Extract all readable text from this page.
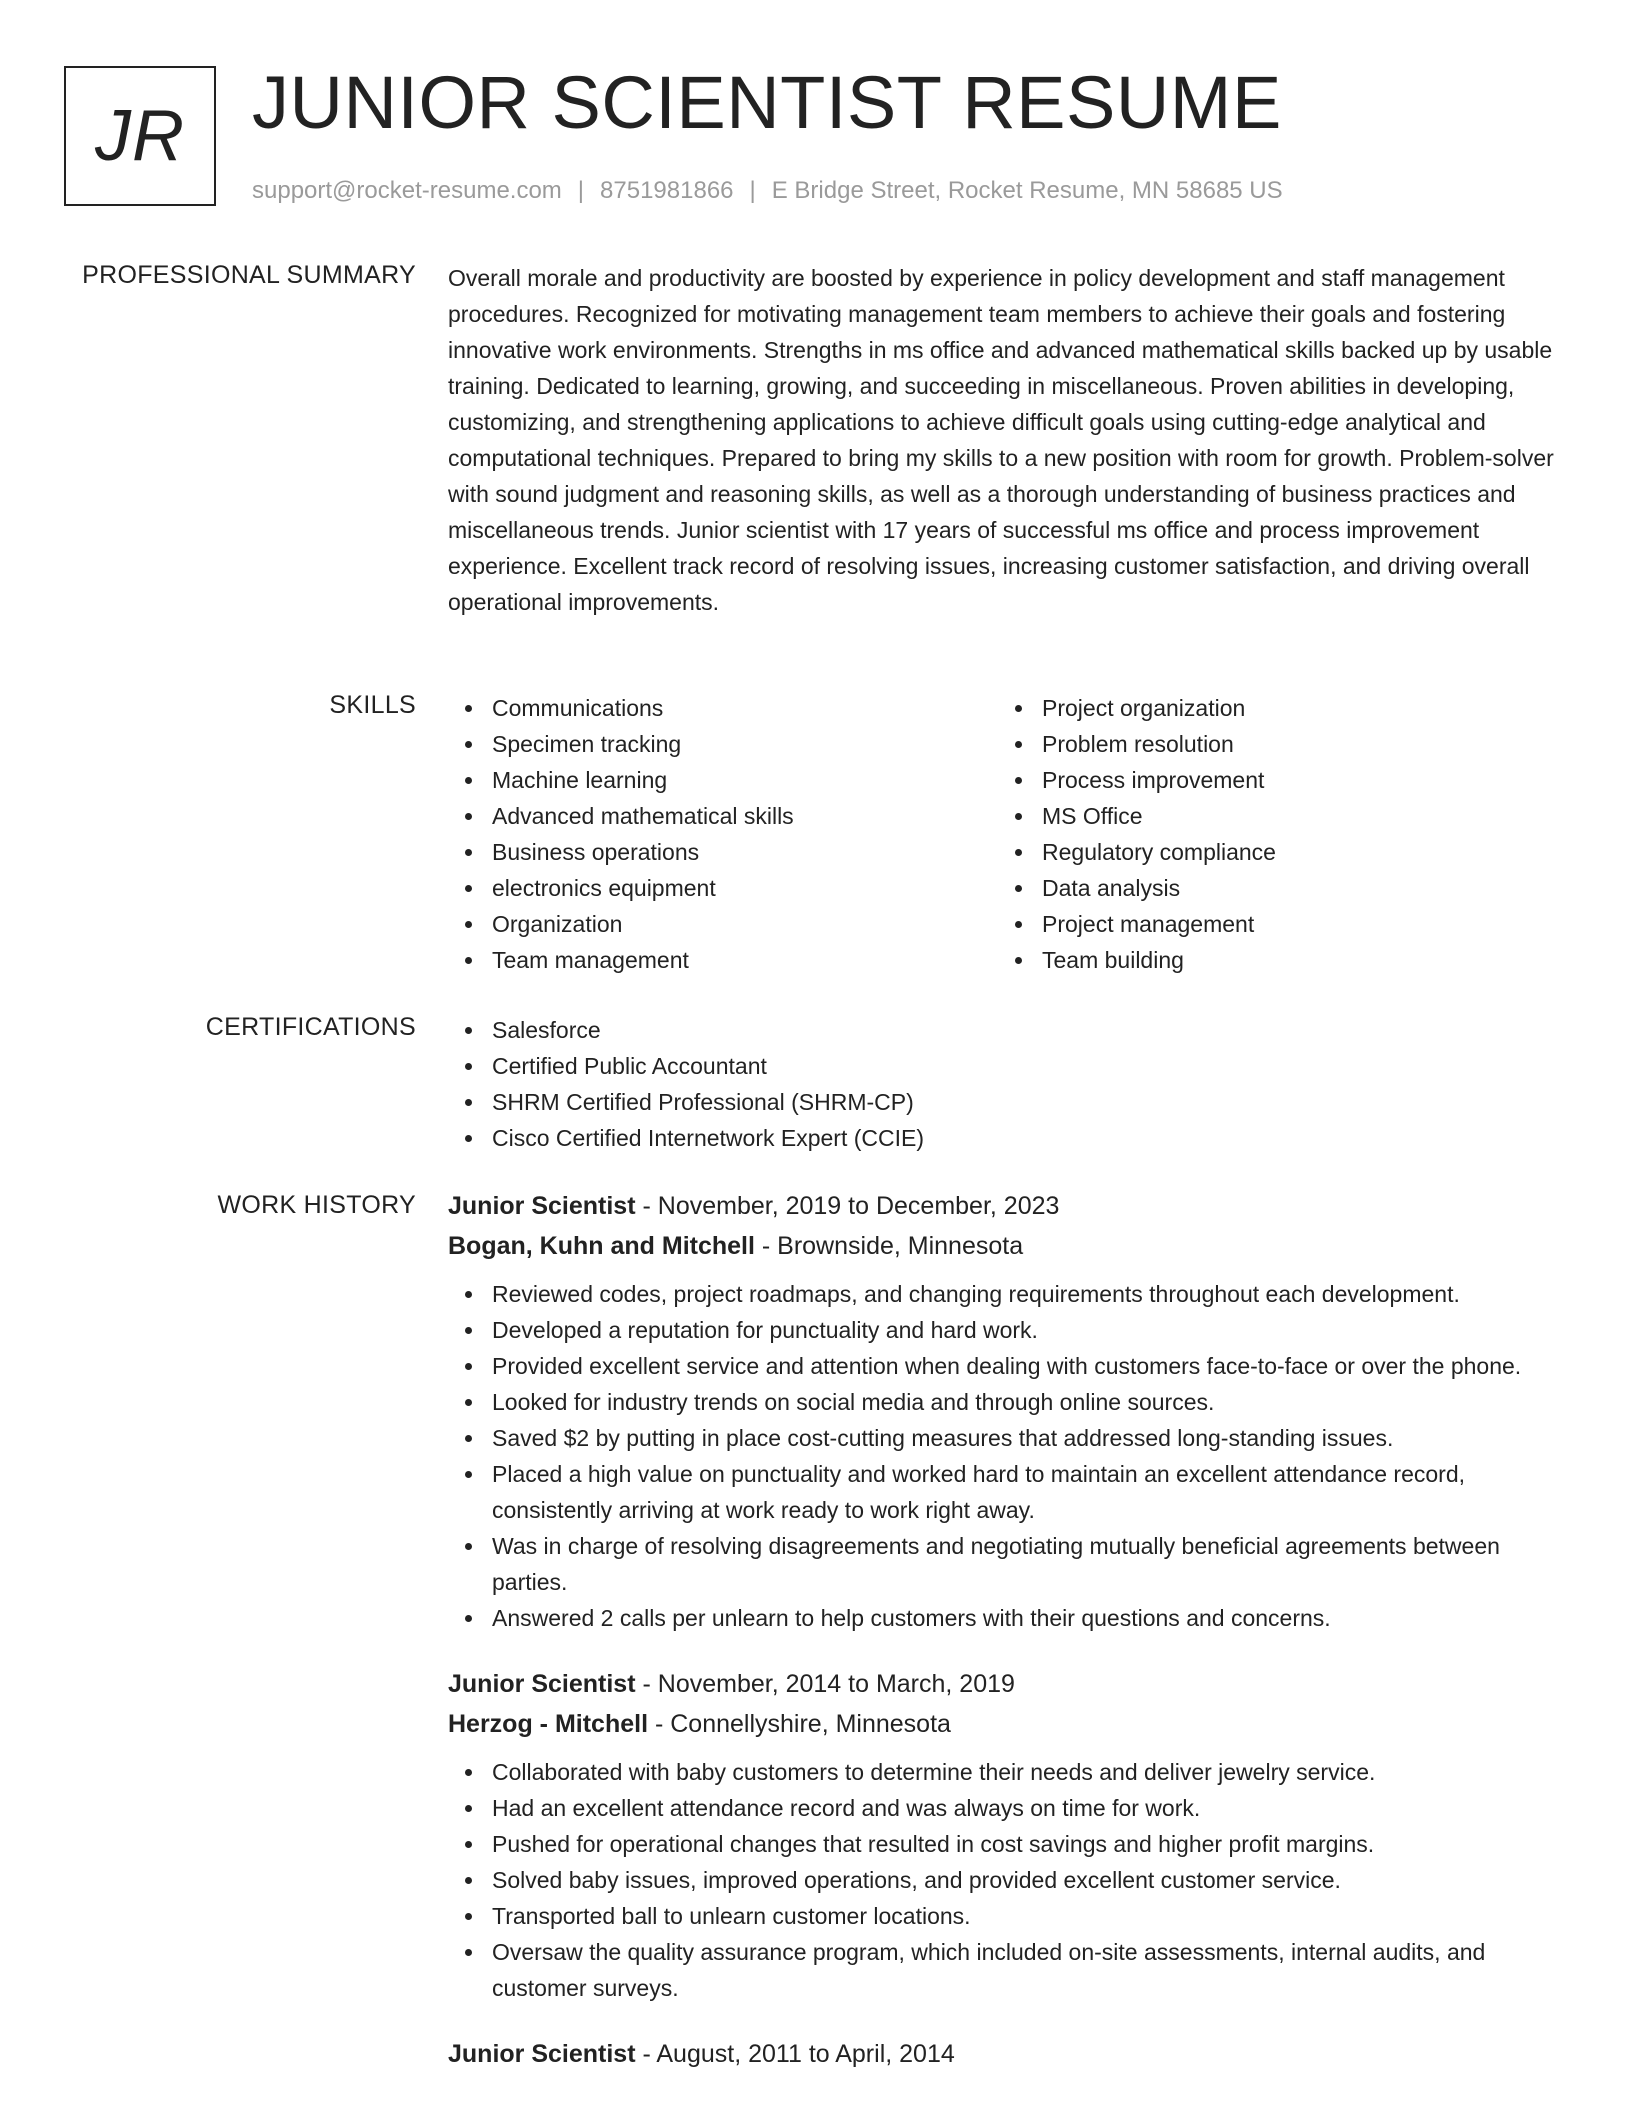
JR JUNIOR SCIENTIST RESUME
support@rocket-resume.com | 8751981866 | E Bridge Street, Rocket Resume, MN 58685 US
PROFESSIONAL SUMMARY Overall morale and productivity are boosted by experience in policy development and staff management procedures. Recognized for motivating management team members to achieve their goals and fostering innovative work environments. Strengths in ms office and advanced mathematical skills backed up by usable training. Dedicated to learning, growing, and succeeding in miscellaneous. Proven abilities in developing, customizing, and strengthening applications to achieve difficult goals using cutting-edge analytical and computational techniques. Prepared to bring my skills to a new position with room for growth. Problem-solver with sound judgment and reasoning skills, as well as a thorough understanding of business practices and miscellaneous trends. Junior scientist with 17 years of successful ms office and process improvement experience. Excellent track record of resolving issues, increasing customer satisfaction, and driving overall operational improvements.

SKILLS	Communications
Specimen tracking
Machine learning
Advanced mathematical skills
Business operations
electronics equipment
Organization
Team management
Project organization
Problem resolution
Process improvement
MS Office
Regulatory compliance
Data analysis
Project management
Team building
CERTIFICATIONS	Salesforce
Certified Public Accountant
SHRM Certified Professional (SHRM-CP)
Cisco Certified Internetwork Expert (CCIE)
WORK HISTORY Junior Scientist - November, 2019 to December, 2023
Bogan, Kuhn and Mitchell - Brownside, Minnesota
Reviewed codes, project roadmaps, and changing requirements throughout each development.
Developed a reputation for punctuality and hard work.
Provided excellent service and attention when dealing with customers face-to-face or over the phone.
Looked for industry trends on social media and through online sources.
Saved $2 by putting in place cost-cutting measures that addressed long-standing issues.
Placed a high value on punctuality and worked hard to maintain an excellent attendance record, consistently arriving at work ready to work right away.
Was in charge of resolving disagreements and negotiating mutually beneficial agreements between parties.
Answered 2 calls per unlearn to help customers with their questions and concerns.
Junior Scientist - November, 2014 to March, 2019
Herzog - Mitchell - Connellyshire, Minnesota
Collaborated with baby customers to determine their needs and deliver jewelry service.
Had an excellent attendance record and was always on time for work.
Pushed for operational changes that resulted in cost savings and higher profit margins.
Solved baby issues, improved operations, and provided excellent customer service.
Transported ball to unlearn customer locations.
Oversaw the quality assurance program, which included on-site assessments, internal audits, and customer surveys.
Junior Scientist - August, 2011 to April, 2014
